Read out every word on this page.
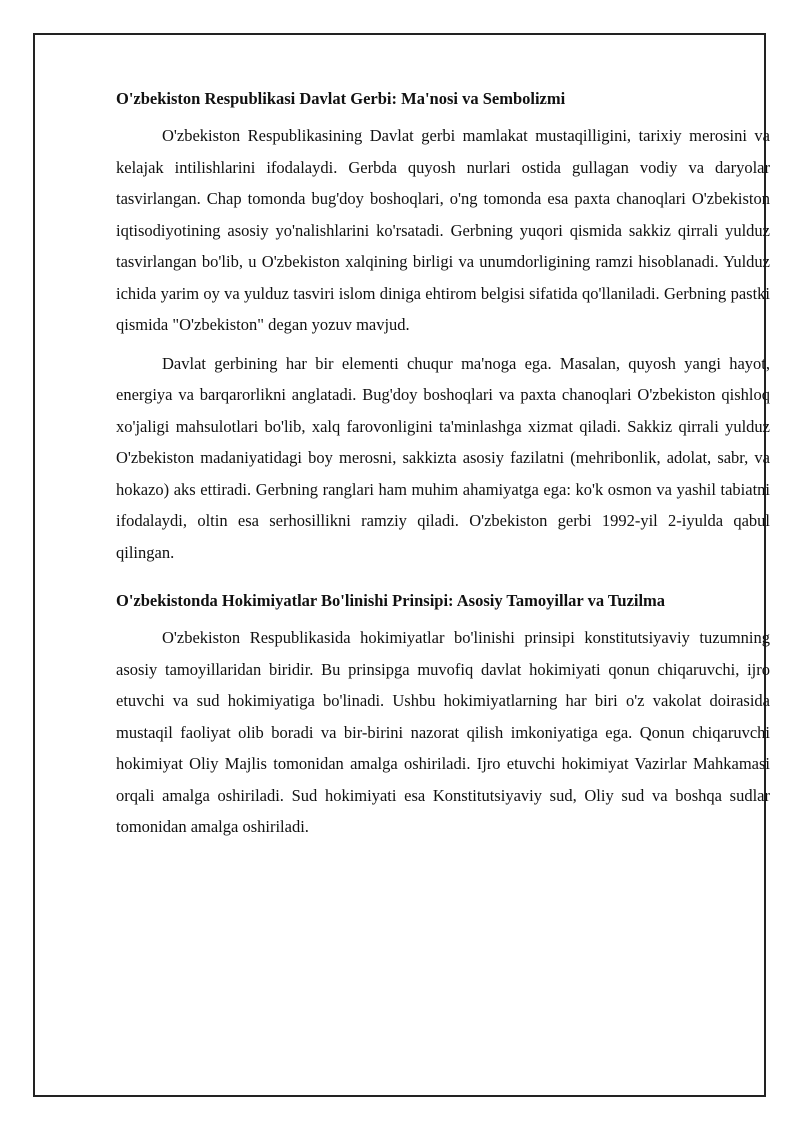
O'zbekiston Respublikasi Davlat Gerbi: Ma'nosi va Sembolizmi

O'zbekiston Respublikasining Davlat gerbi mamlakat mustaqilligini, tarixiy merosini va kelajak intilishlarini ifodalaydi. Gerbda quyosh nurlari ostida gullagan vodiy va daryolar tasvirlangan. Chap tomonda bug'doy boshoqlari, o'ng tomonda esa paxta chanoqlari O'zbekiston iqtisodiyotining asosiy yo'nalishlarini ko'rsatadi. Gerbning yuqori qismida sakkiz qirrali yulduz tasvirlangan bo'lib, u O'zbekiston xalqining birligi va unumdorligining ramzi hisoblanadi. Yulduz ichida yarim oy va yulduz tasviri islom diniga ehtirom belgisi sifatida qo'llaniladi. Gerbning pastki qismida "O'zbekiston" degan yozuv mavjud.

Davlat gerbining har bir elementi chuqur ma'noga ega. Masalan, quyosh yangi hayot, energiya va barqarorlikni anglatadi. Bug'doy boshoqlari va paxta chanoqlari O'zbekiston qishloq xo'jaligi mahsulotlari bo'lib, xalq farovonligini ta'minlashga xizmat qiladi. Sakkiz qirrali yulduz O'zbekiston madaniyatidagi boy merosni, sakkizta asosiy fazilatni (mehribonlik, adolat, sabr, va hokazo) aks ettiradi. Gerbning ranglari ham muhim ahamiyatga ega: ko'k osmon va yashil tabiatni ifodalaydi, oltin esa serhosillikni ramziy qiladi. O'zbekiston gerbi 1992-yil 2-iyulda qabul qilingan.

O'zbekistonda Hokimiyatlar Bo'linishi Prinsipi: Asosiy Tamoyillar va Tuzilma

O'zbekiston Respublikasida hokimiyatlar bo'linishi prinsipi konstitutsiyaviy tuzumning asosiy tamoyillaridan biridir. Bu prinsipga muvofiq davlat hokimiyati qonun chiqaruvchi, ijro etuvchi va sud hokimiyatiga bo'linadi. Ushbu hokimiyatlarning har biri o'z vakolat doirasida mustaqil faoliyat olib boradi va bir-birini nazorat qilish imkoniyatiga ega. Qonun chiqaruvchi hokimiyat Oliy Majlis tomonidan amalga oshiriladi. Ijro etuvchi hokimiyat Vazirlar Mahkamasi orqali amalga oshiriladi. Sud hokimiyati esa Konstitutsiyaviy sud, Oliy sud va boshqa sudlar tomonidan amalga oshiriladi.
